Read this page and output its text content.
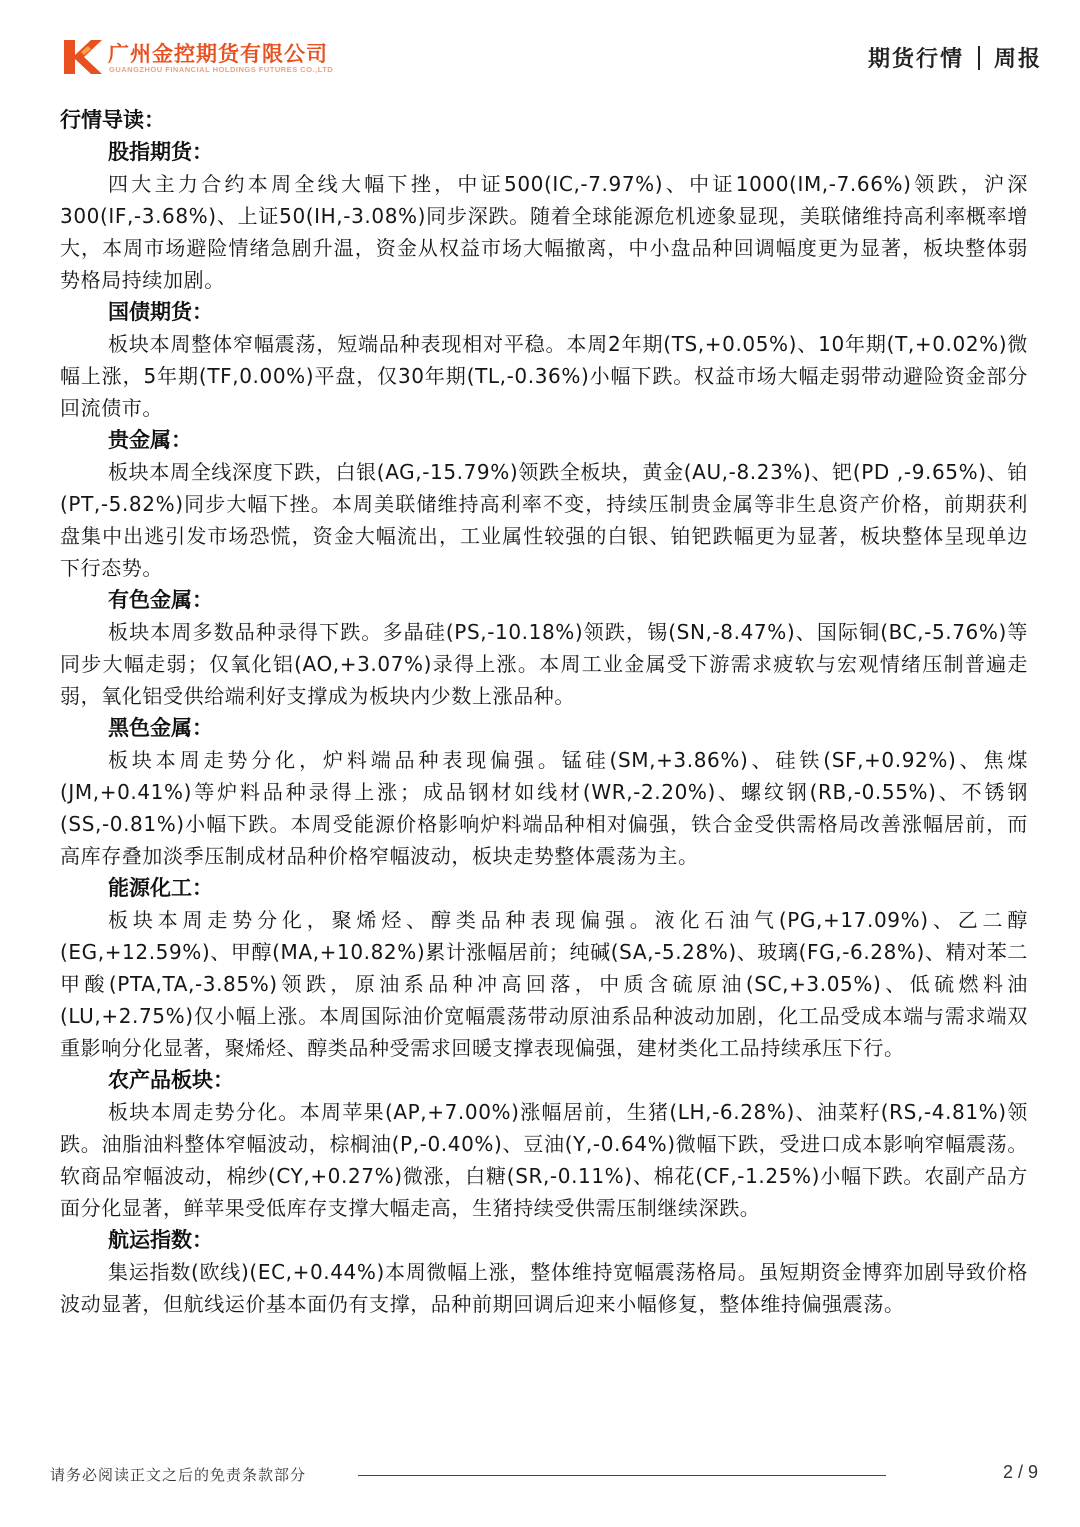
广州金控期货有限公司
GUANGZHOU FINANCIAL HOLDINGS FUTURES CO.,LTD	期货行情 周报
行情导读：
股指期货：

四大主力合约本周全线大幅下挫，中证500(IC,-7.97%)、中证1000(IM,-7.66%)领跌，沪深300(IF,-3.68%)、上证50(IH,-3.08%)同步深跌。随着全球能源危机迹象显现，美联储维持高利率概率增大，本周市场避险情绪急剧升温，资金从权益市场大幅撤离，中小盘品种回调幅度更为显著，板块整体弱势格局持续加剧。

国债期货：

板块本周整体窄幅震荡，短端品种表现相对平稳。本周2年期(TS,+0.05%)、10年期(T,+0.02%)微幅上涨，5年期(TF,0.00%)平盘，仅30年期(TL,-0.36%)小幅下跌。权益市场大幅走弱带动避险资金部分回流债市。

贵金属：

板块本周全线深度下跌，白银(AG,-15.79%)领跌全板块，黄金(AU,-8.23%)、钯(PD ,-9.65%)、铂(PT,-5.82%)同步大幅下挫。本周美联储维持高利率不变，持续压制贵金属等非生息资产价格，前期获利盘集中出逃引发市场恐慌，资金大幅流出，工业属性较强的白银、铂钯跌幅更为显著，板块整体呈现单边下行态势。

有色金属：

板块本周多数品种录得下跌。多晶硅(PS,-10.18%)领跌，锡(SN,-8.47%)、国际铜(BC,-5.76%)等同步大幅走弱；仅氧化铝(AO,+3.07%)录得上涨。本周工业金属受下游需求疲软与宏观情绪压制普遍走弱，氧化铝受供给端利好支撑成为板块内少数上涨品种。

黑色金属：

板块本周走势分化，炉料端品种表现偏强。锰硅(SM,+3.86%)、硅铁(SF,+0.92%)、焦煤(JM,+0.41%)等炉料品种录得上涨；成品钢材如线材(WR,-2.20%)、螺纹钢(RB,-0.55%)、不锈钢(SS,-0.81%)小幅下跌。本周受能源价格影响炉料端品种相对偏强，铁合金受供需格局改善涨幅居前，而高库存叠加淡季压制成材品种价格窄幅波动，板块走势整体震荡为主。

能源化工：

板块本周走势分化，聚烯烃、醇类品种表现偏强。液化石油气(PG,+17.09%)、乙二醇(EG,+12.59%)、甲醇(MA,+10.82%)累计涨幅居前；纯碱(SA,-5.28%)、玻璃(FG,-6.28%)、精对苯二甲酸(PTA,TA,-3.85%)领跌，原油系品种冲高回落，中质含硫原油(SC,+3.05%)、低硫燃料油(LU,+2.75%)仅小幅上涨。本周国际油价宽幅震荡带动原油系品种波动加剧，化工品受成本端与需求端双重影响分化显著，聚烯烃、醇类品种受需求回暖支撑表现偏强，建材类化工品持续承压下行。

农产品板块：

板块本周走势分化。本周苹果(AP,+7.00%)涨幅居前，生猪(LH,-6.28%)、油菜籽(RS,-4.81%)领跌。油脂油料整体窄幅波动，棕榈油(P,-0.40%)、豆油(Y,-0.64%)微幅下跌，受进口成本影响窄幅震荡。软商品窄幅波动，棉纱(CY,+0.27%)微涨，白糖(SR,-0.11%)、棉花(CF,-1.25%)小幅下跌。农副产品方面分化显著，鲜苹果受低库存支撑大幅走高，生猪持续受供需压制继续深跌。

航运指数：

集运指数(欧线)(EC,+0.44%)本周微幅上涨，整体维持宽幅震荡格局。虽短期资金博弈加剧导致价格波动显著，但航线运价基本面仍有支撑，品种前期回调后迎来小幅修复，整体维持偏强震荡。

请务必阅读正文之后的免责条款部分	2 / 9
